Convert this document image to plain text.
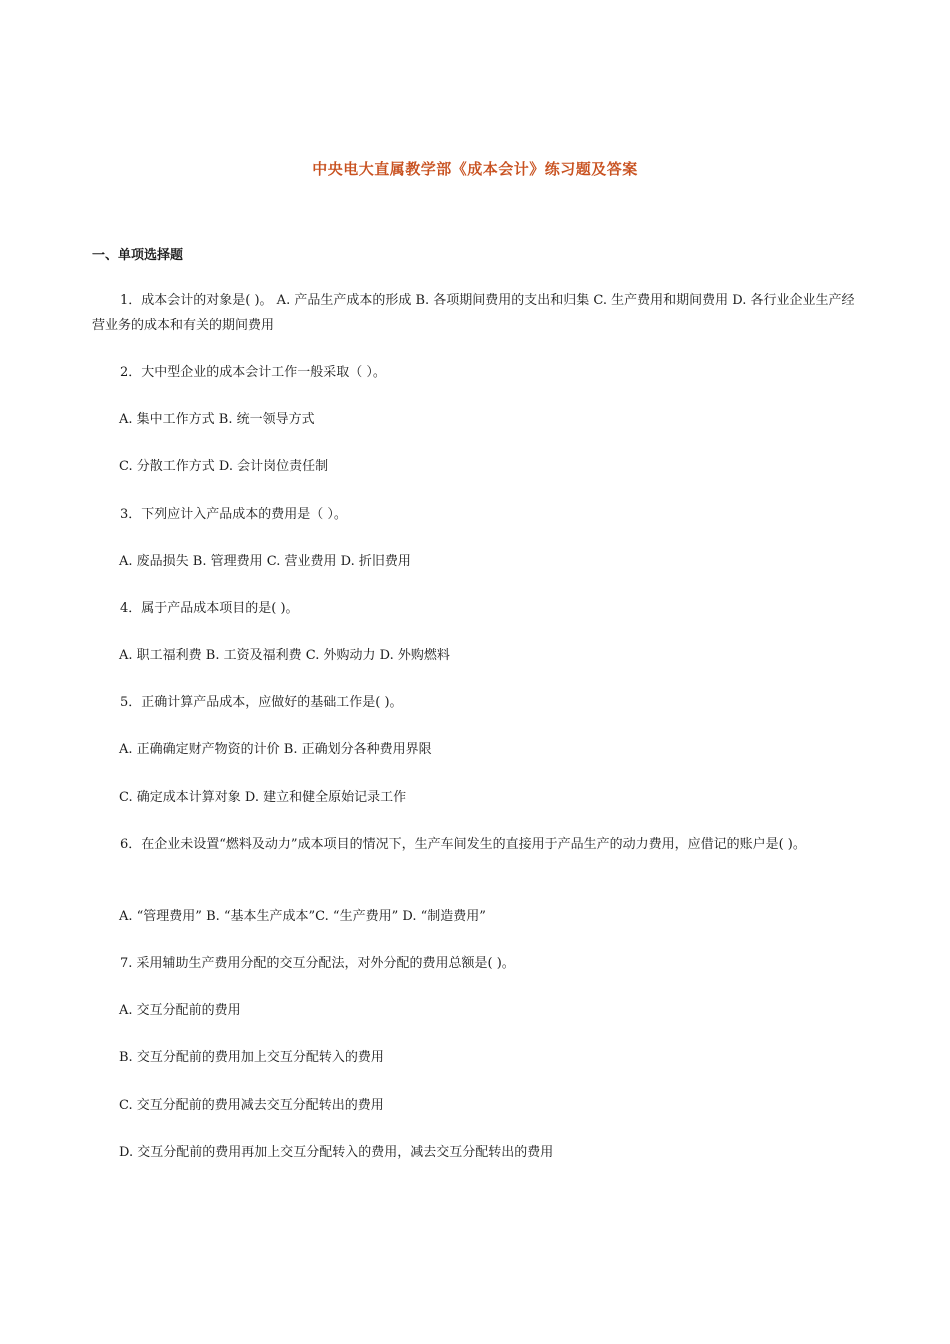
中央电大直属教学部《成本会计》练习题及答案
一、单项选择题
1．成本会计的对象是( )。 A. 产品生产成本的形成 B. 各项期间费用的支出和归集 C. 生产费用和期间费用 D. 各行业企业生产经营业务的成本和有关的期间费用
2．大中型企业的成本会计工作一般采取（ ）。
A. 集中工作方式 B. 统一领导方式
C. 分散工作方式 D. 会计岗位责任制
3．下列应计入产品成本的费用是（ ）。
A. 废品损失 B. 管理费用 C. 营业费用 D. 折旧费用
4．属于产品成本项目的是( )。
A. 职工福利费 B. 工资及福利费 C. 外购动力 D. 外购燃料
5．正确计算产品成本，应做好的基础工作是( )。
A. 正确确定财产物资的计价 B. 正确划分各种费用界限
C. 确定成本计算对象 D. 建立和健全原始记录工作
6．在企业未设置“燃料及动力”成本项目的情况下，生产车间发生的直接用于产品生产的动力费用，应借记的账户是( )。
A. “管理费用” B. “基本生产成本”C. “生产费用” D. “制造费用”
7. 采用辅助生产费用分配的交互分配法，对外分配的费用总额是( )。
A. 交互分配前的费用
B. 交互分配前的费用加上交互分配转入的费用
C. 交互分配前的费用减去交互分配转出的费用
D. 交互分配前的费用再加上交互分配转入的费用，减去交互分配转出的费用
